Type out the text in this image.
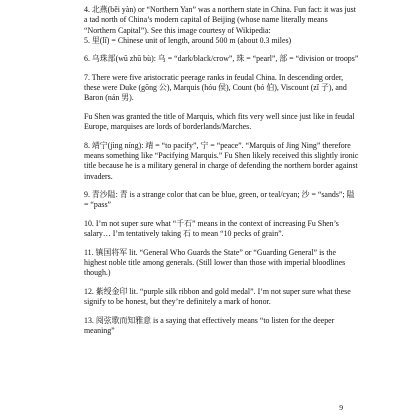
4. 北燕(běi yàn) or “Northern Yan” was a northern state in China. Fun fact: it was just a tad north of China’s modern capital of Beijing (whose name literally means “Northern Capital”). See this image courtesy of Wikipedia:

5. 里(lǐ) = Chinese unit of length, around 500 m (about 0.3 miles)

6. 乌珠部(wū zhū bù): 乌 = “dark/black/crow”, 珠 = “pearl”, 部 = “division or troops”

7. There were five aristocratic peerage ranks in feudal China. In descending order, these were Duke (gōng 公), Marquis (hóu 侯), Count (bó 伯), Viscount (zǐ 子), and Baron (nán 男).

Fu Shen was granted the title of Marquis, which fits very well since just like in feudal Europe, marquises are lords of borderlands/Marches.

8. 靖宁(jìng níng): 靖 = “to pacify”, 宁 = “peace”. “Marquis of Jing Ning” therefore means something like “Pacifying Marquis.” Fu Shen likely received this slightly ironic title because he is a military general in charge of defending the northern border against invaders.

9. 青沙隘: 青 is a strange color that can be blue, green, or teal/cyan; 沙 = “sands”; 隘 = “pass”

10. I’m not super sure what “千石” means in the context of increasing Fu Shen’s salary… I’m tentatively taking 石 to mean “10 pecks of grain”.

11. 镇国将军 lit. “General Who Guards the State” or “Guarding General” is the highest noble title among generals. (Still lower than those with imperial bloodlines though.)

12. 紫绶金印 lit. “purple silk ribbon and gold medal”. I’m not super sure what these signify to be honest, but they’re definitely a mark of honor.

13. 阅弦歌而知雅意 is a saying that effectively means “to listen for the deeper meaning”

9
